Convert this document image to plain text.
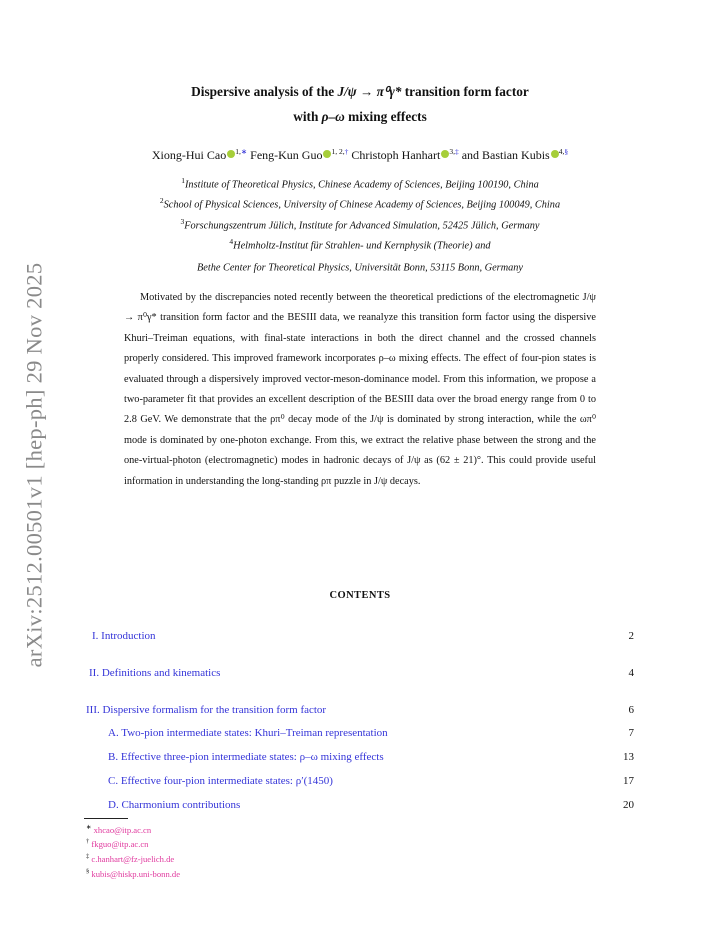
arXiv:2512.00501v1 [hep-ph] 29 Nov 2025
Dispersive analysis of the J/ψ → π⁰γ* transition form factor
with ρ–ω mixing effects
Xiong-Hui Cao $^{1,∗}$ Feng-Kun Guo $^{1, 2,\dagger}$ Christoph Hanhart $^{3,\ddagger}$ and Bastian Kubis $^{4,\S}$
$^1$Institute of Theoretical Physics, Chinese Academy of Sciences, Beijing 100190, China
$^2$School of Physical Sciences, University of Chinese Academy of Sciences, Beijing 100049, China
$^3$Forschungszentrum Jülich, Institute for Advanced Simulation, 52425 Jülich, Germany
$^4$Helmholtz-Institut für Strahlen- und Kernphysik (Theorie) and
Bethe Center for Theoretical Physics, Universität Bonn, 53115 Bonn, Germany
Motivated by the discrepancies noted recently between the theoretical predictions of the electromagnetic J/ψ → π⁰γ* transition form factor and the BESIII data, we reanalyze this transition form factor using the dispersive Khuri–Treiman equations, with final-state interactions in both the direct channel and the crossed channels properly considered. This improved framework incorporates ρ–ω mixing effects. The effect of four-pion states is evaluated through a dispersively improved vector-meson-dominance model. From this information, we propose a two-parameter fit that provides an excellent description of the BESIII data over the broad energy range from 0 to 2.8 GeV. We demonstrate that the ρπ⁰ decay mode of the J/ψ is dominated by strong interaction, while the ωπ⁰ mode is dominated by one-photon exchange. From this, we extract the relative phase between the strong and the one-virtual-photon (electromagnetic) modes in hadronic decays of J/ψ as (62 ± 21)°. This could provide useful information in understanding the long-standing ρπ puzzle in J/ψ decays.
CONTENTS
I. Introduction	2
II. Definitions and kinematics	4
III. Dispersive formalism for the transition form factor	6
A. Two-pion intermediate states: Khuri–Treiman representation	7
B. Effective three-pion intermediate states: ρ–ω mixing effects	13
C. Effective four-pion intermediate states: ρ′(1450)	17
D. Charmonium contributions	20
∗ xhcao@itp.ac.cn
† fkguo@itp.ac.cn
‡ c.hanhart@fz-juelich.de
§ kubis@hiskp.uni-bonn.de
